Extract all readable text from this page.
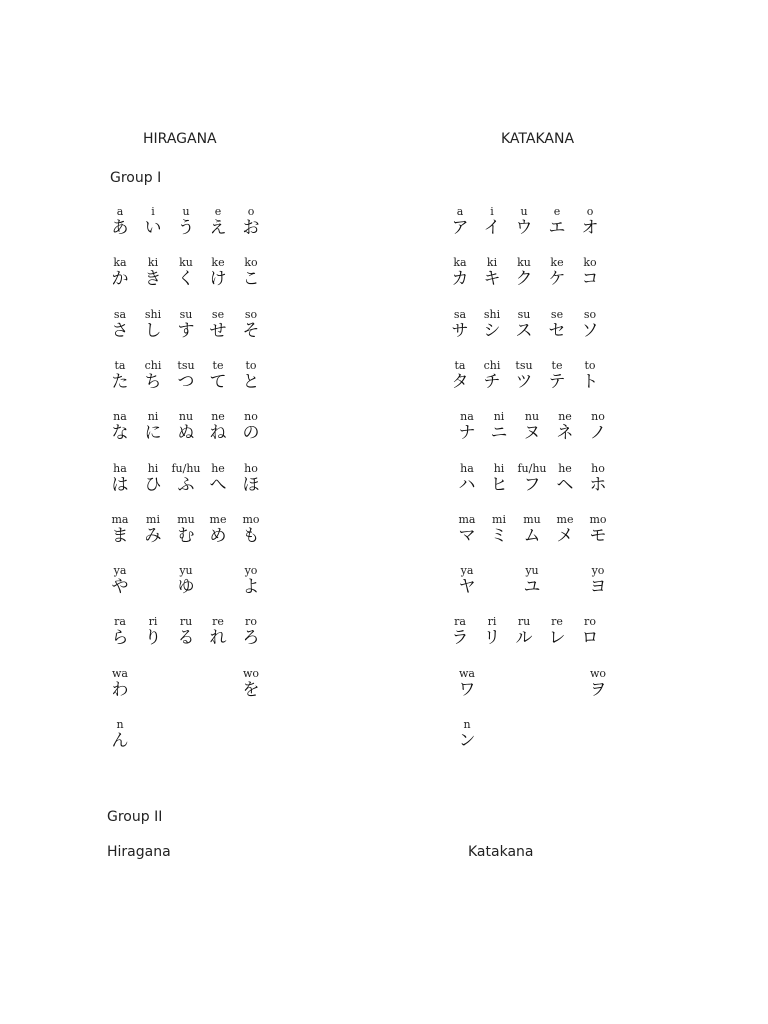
HIRAGANA	KATAKANA
Group I
a
あ
i
い
u
う
e
え
o
お
ka
か
ki
き
ku
く
ke
け
ko
こ
sa
さ
shi
し
su
す
se
せ
so
そ
ta
た
chi
ち
tsu
つ
te
て
to
と
na
な
ni
に
nu
ぬ
ne
ね
no
の
ha
は
hi
ひ
fu/hu
ふ
he
へ
ho
ほ
ma
ま
mi
み
mu
む
me
め
mo
も
ya
や
yu
ゆ
yo
よ
ra
ら
ri
り
ru
る
re
れ
ro
ろ
wa
わ
wo
を
n
ん
a
ア
i
イ
u
ウ
e
エ
o
オ
ka
カ
ki
キ
ku
ク
ke
ケ
ko
コ
sa
サ
shi
シ
su
ス
se
セ
so
ソ
ta
タ
chi
チ
tsu
ツ
te
テ
to
ト
na
ナ
ni
ニ
nu
ヌ
ne
ネ
no
ノ
ha
ハ
hi
ヒ
fu/hu
フ
he
ヘ
ho
ホ
ma
マ
mi
ミ
mu
ム
me
メ
mo
モ
ya
ヤ
yu
ユ
yo
ヨ
ra
ラ
ri
リ
ru
ル
re
レ
ro
ロ
wa
ワ
wo
ヲ
n
ン
Group II
Hiragana	Katakana
